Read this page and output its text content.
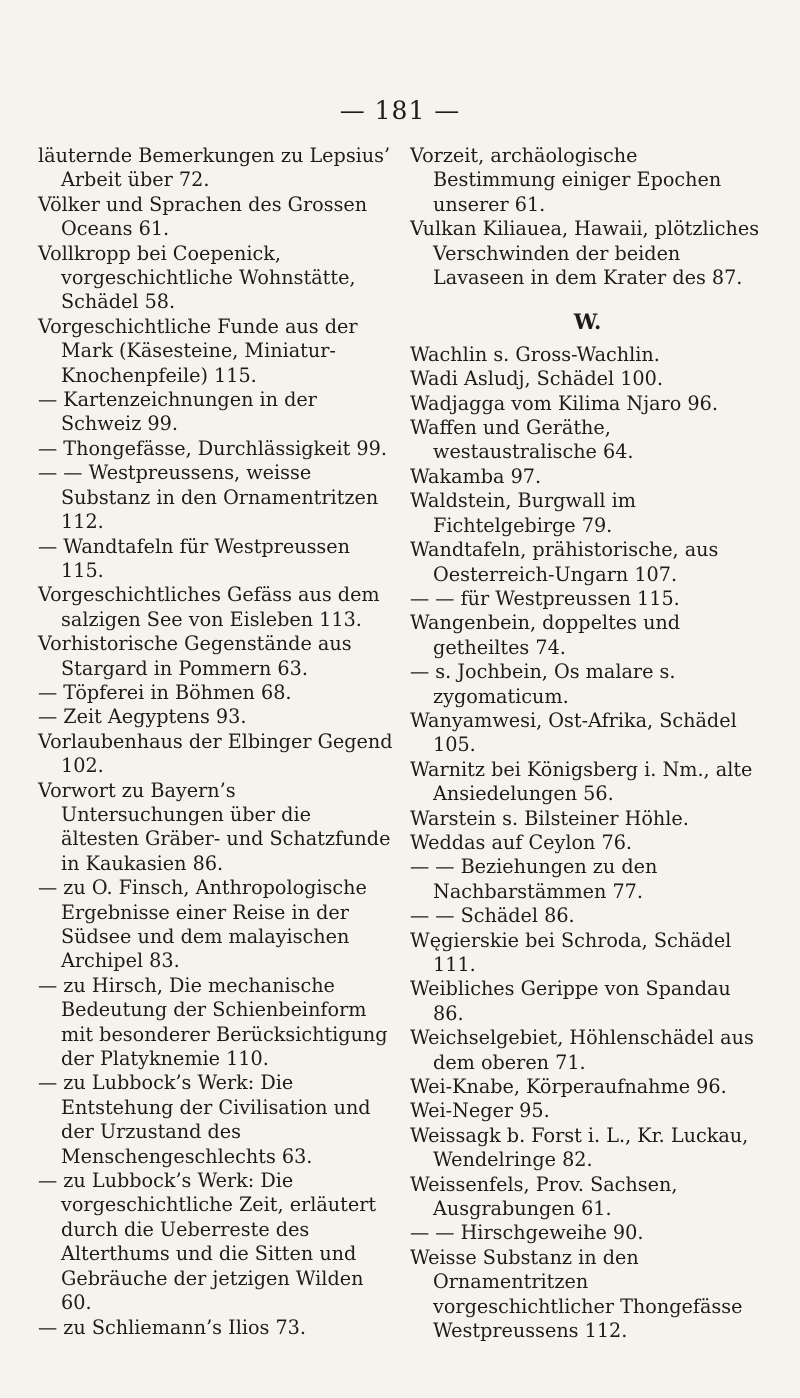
— 181 —
läuternde Bemerkungen zu Lepsius’ Arbeit über 72.
Völker und Sprachen des Grossen Oceans 61.
Vollkropp bei Coepenick, vorgeschichtliche Wohnstätte, Schädel 58.
Vorgeschichtliche Funde aus der Mark (Käsesteine, Miniatur-Knochenpfeile) 115.
— Kartenzeichnungen in der Schweiz 99.
— Thongefässe, Durchlässigkeit 99.
— — Westpreussens, weisse Substanz in den Ornamentritzen 112.
— Wandtafeln für Westpreussen 115.
Vorgeschichtliches Gefäss aus dem salzigen See von Eisleben 113.
Vorhistorische Gegenstände aus Stargard in Pommern 63.
— Töpferei in Böhmen 68.
— Zeit Aegyptens 93.
Vorlaubenhaus der Elbinger Gegend 102.
Vorwort zu Bayern’s Untersuchungen über die ältesten Gräber- und Schatzfunde in Kaukasien 86.
— zu O. Finsch, Anthropologische Ergebnisse einer Reise in der Südsee und dem malayischen Archipel 83.
— zu Hirsch, Die mechanische Bedeutung der Schienbeinform mit besonderer Berücksichtigung der Platyknemie 110.
— zu Lubbock’s Werk: Die Entstehung der Civilisation und der Urzustand des Menschengeschlechts 63.
— zu Lubbock’s Werk: Die vorgeschichtliche Zeit, erläutert durch die Ueberreste des Alterthums und die Sitten und Gebräuche der jetzigen Wilden 60.
— zu Schliemann’s Ilios 73.
Vorzeit, archäologische Bestimmung einiger Epochen unserer 61.
Vulkan Kiliauea, Hawaii, plötzliches Verschwinden der beiden Lavaseen in dem Krater des 87.
W.
Wachlin s. Gross-Wachlin.
Wadi Asludj, Schädel 100.
Wadjagga vom Kilima Njaro 96.
Waffen und Geräthe, westaustralische 64.
Wakamba 97.
Waldstein, Burgwall im Fichtelgebirge 79.
Wandtafeln, prähistorische, aus Oesterreich-Ungarn 107.
— — für Westpreussen 115.
Wangenbein, doppeltes und getheiltes 74.
— s. Jochbein, Os malare s. zygomaticum.
Wanyamwesi, Ost-Afrika, Schädel 105.
Warnitz bei Königsberg i. Nm., alte Ansiedelungen 56.
Warstein s. Bilsteiner Höhle.
Weddas auf Ceylon 76.
— — Beziehungen zu den Nachbarstämmen 77.
— — Schädel 86.
Węgierskie bei Schroda, Schädel 111.
Weibliches Gerippe von Spandau 86.
Weichselgebiet, Höhlenschädel aus dem oberen 71.
Wei-Knabe, Körperaufnahme 96.
Wei-Neger 95.
Weissagk b. Forst i. L., Kr. Luckau, Wendelringe 82.
Weissenfels, Prov. Sachsen, Ausgrabungen 61.
— — Hirschgeweihe 90.
Weisse Substanz in den Ornamentritzen vorgeschichtlicher Thongefässe Westpreussens 112.
